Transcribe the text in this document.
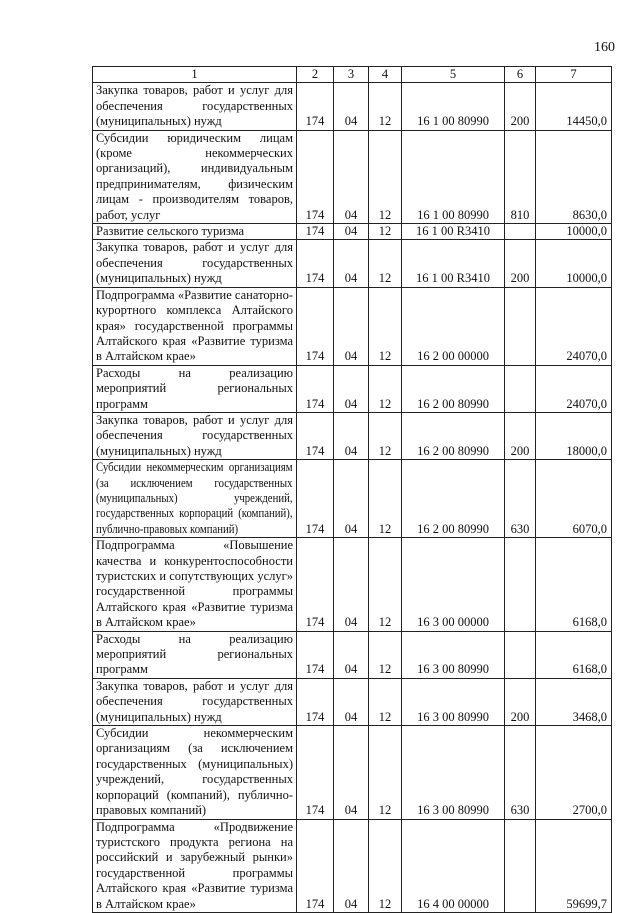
160
1	2	3	4	5	6	7
Закупка товаров, работ и услуг для обеспечения государственных (муниципальных) нужд	174	04	12	16 1 00 80990	200	14450,0
Субсидии юридическим лицам (кроме некоммерческих организаций), индивидуальным предпринимателям, физическим лицам - производителям товаров, работ, услуг	174	04	12	16 1 00 80990	810	8630,0
Развитие сельского туризма	174	04	12	16 1 00 R3410		10000,0
Закупка товаров, работ и услуг для обеспечения государственных (муниципальных) нужд	174	04	12	16 1 00 R3410	200	10000,0
Подпрограмма «Развитие санаторно-курортного комплекса Алтайского края» государственной программы Алтайского края «Развитие туризма в Алтайском крае»	174	04	12	16 2 00 00000		24070,0
Расходы на реализацию мероприятий региональных программ	174	04	12	16 2 00 80990		24070,0
Закупка товаров, работ и услуг для обеспечения государственных (муниципальных) нужд	174	04	12	16 2 00 80990	200	18000,0
Субсидии некоммерческим организациям (за исключением государственных (муниципальных) учреждений, государственных корпораций (компаний), публично-правовых компаний)	174	04	12	16 2 00 80990	630	6070,0
Подпрограмма «Повышение качества и конкурентоспособности туристских и сопутствующих услуг» государственной программы Алтайского края «Развитие туризма в Алтайском крае»	174	04	12	16 3 00 00000		6168,0
Расходы на реализацию мероприятий региональных программ	174	04	12	16 3 00 80990		6168,0
Закупка товаров, работ и услуг для обеспечения государственных (муниципальных) нужд	174	04	12	16 3 00 80990	200	3468,0
Субсидии некоммерческим организациям (за исключением государственных (муниципальных) учреждений, государственных корпораций (компаний), публично-правовых компаний)	174	04	12	16 3 00 80990	630	2700,0
Подпрограмма «Продвижение туристского продукта региона на российский и зарубежный рынки» государственной программы Алтайского края «Развитие туризма в Алтайском крае»	174	04	12	16 4 00 00000		59699,7
